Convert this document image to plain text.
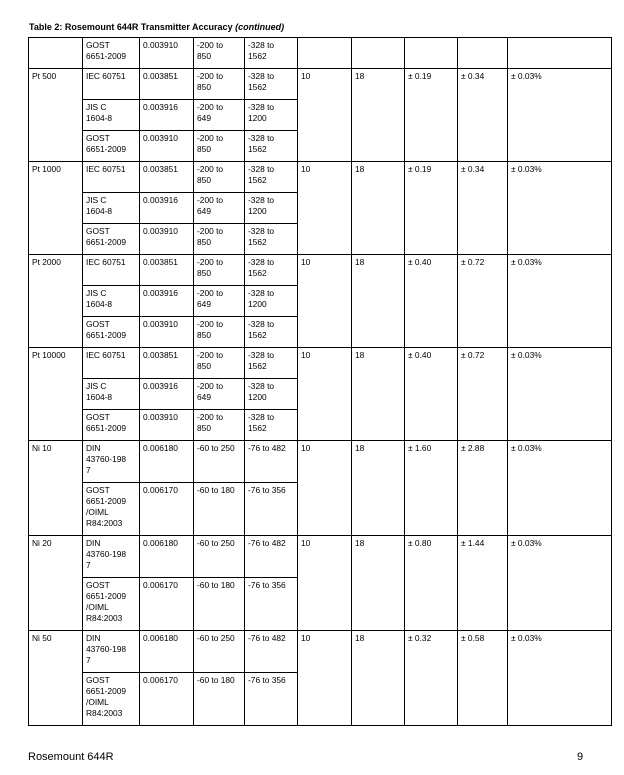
Table 2: Rosemount 644R Transmitter Accuracy (continued)
	GOST
6651-2009	0.003910	-200 to
850	-328 to
1562					
Pt 500	IEC 60751	0.003851	-200 to
850	-328 to
1562	10	18	± 0.19	± 0.34	± 0.03%
	JIS C
1604-8	0.003916	-200 to
649	-328 to
1200					
	GOST
6651-2009	0.003910	-200 to
850	-328 to
1562					
Pt 1000	IEC 60751	0.003851	-200 to
850	-328 to
1562	10	18	± 0.19	± 0.34	± 0.03%
	JIS C
1604-8	0.003916	-200 to
649	-328 to
1200					
	GOST
6651-2009	0.003910	-200 to
850	-328 to
1562					
Pt 2000	IEC 60751	0.003851	-200 to
850	-328 to
1562	10	18	± 0.40	± 0.72	± 0.03%
	JIS C
1604-8	0.003916	-200 to
649	-328 to
1200					
	GOST
6651-2009	0.003910	-200 to
850	-328 to
1562					
Pt 10000	IEC 60751	0.003851	-200 to
850	-328 to
1562	10	18	± 0.40	± 0.72	± 0.03%
	JIS C
1604-8	0.003916	-200 to
649	-328 to
1200					
	GOST
6651-2009	0.003910	-200 to
850	-328 to
1562					
Ni 10	DIN
43760-198
7	0.006180	-60 to 250	-76 to 482	10	18	± 1.60	± 2.88	± 0.03%
	GOST
6651-2009
/OIML
R84:2003	0.006170	-60 to 180	-76 to 356					
Ni 20	DIN
43760-198
7	0.006180	-60 to 250	-76 to 482	10	18	± 0.80	± 1.44	± 0.03%
	GOST
6651-2009
/OIML
R84:2003	0.006170	-60 to 180	-76 to 356					
Ni 50	DIN
43760-198
7	0.006180	-60 to 250	-76 to 482	10	18	± 0.32	± 0.58	± 0.03%
	GOST
6651-2009
/OIML
R84:2003	0.006170	-60 to 180	-76 to 356					
Rosemount 644R	9
